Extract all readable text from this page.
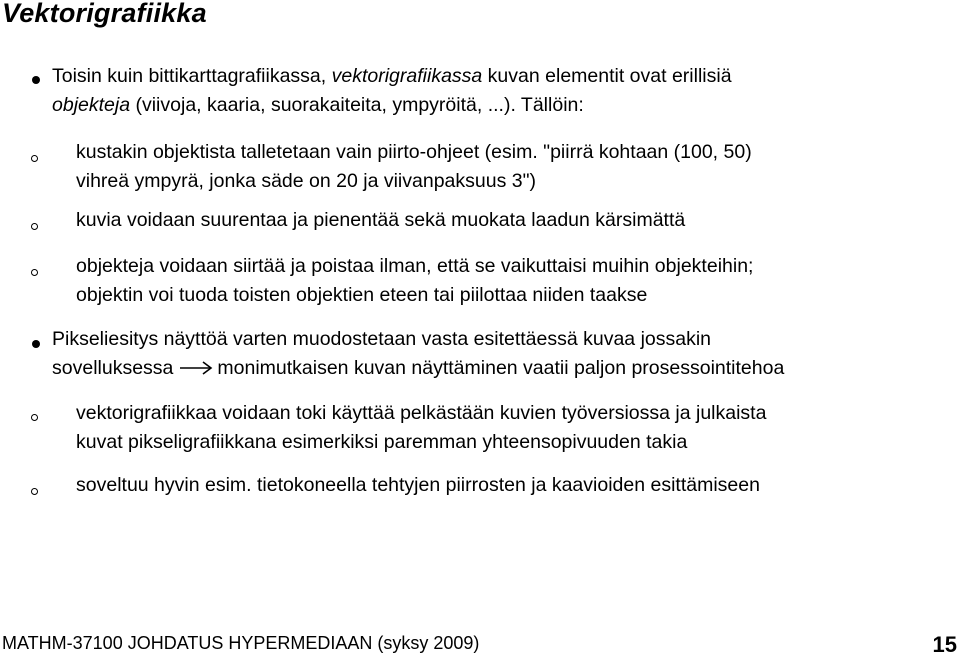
Vektorigrafiikka
Toisin kuin bittikarttagrafiikassa, vektorigrafiikassa kuvan elementit ovat erillisiä
objekteja (viivoja, kaaria, suorakaiteita, ympyröitä, ...). Tällöin:
kustakin objektista talletetaan vain piirto-ohjeet (esim. "piirrä kohtaan (100, 50)
vihreä ympyrä, jonka säde on 20 ja viivanpaksuus 3")
kuvia voidaan suurentaa ja pienentää sekä muokata laadun kärsimättä
objekteja voidaan siirtää ja poistaa ilman, että se vaikuttaisi muihin objekteihin;
objektin voi tuoda toisten objektien eteen tai piilottaa niiden taakse
Pikseliesitys näyttöä varten muodostetaan vasta esitettäessä kuvaa jossakin
sovelluksessa monimutkaisen kuvan näyttäminen vaatii paljon prosessointitehoa
vektorigrafiikkaa voidaan toki käyttää pelkästään kuvien työversiossa ja julkaista
kuvat pikseligrafiikkana esimerkiksi paremman yhteensopivuuden takia
soveltuu hyvin esim. tietokoneella tehtyjen piirrosten ja kaavioiden esittämiseen
MATHM-37100 JOHDATUS HYPERMEDIAAN (syksy 2009)	15
